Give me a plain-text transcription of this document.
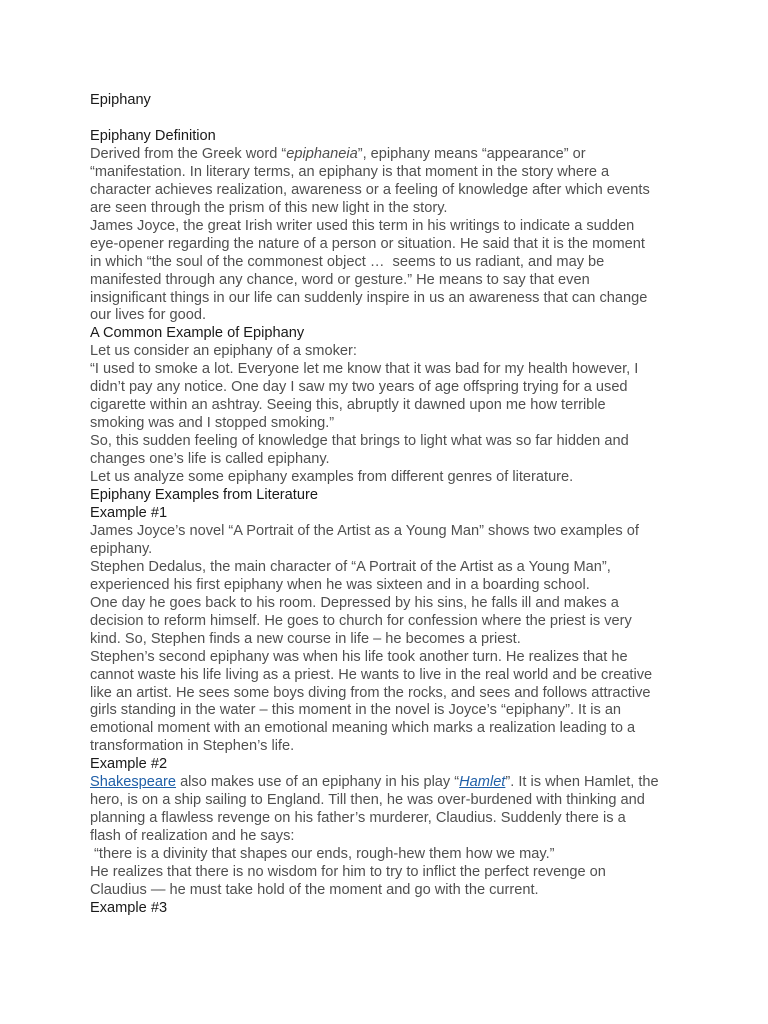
Epiphany

Epiphany Definition

Derived from the Greek word “epiphaneia”, epiphany means “appearance” or

“manifestation. In literary terms, an epiphany is that moment in the story where a

character achieves realization, awareness or a feeling of knowledge after which events

are seen through the prism of this new light in the story.

James Joyce, the great Irish writer used this term in his writings to indicate a sudden

eye-opener regarding the nature of a person or situation. He said that it is the moment

in which “the soul of the commonest object …  seems to us radiant, and may be

manifested through any chance, word or gesture.” He means to say that even

insignificant things in our life can suddenly inspire in us an awareness that can change

our lives for good.

A Common Example of Epiphany

Let us consider an epiphany of a smoker:

“I used to smoke a lot. Everyone let me know that it was bad for my health however, I

didn’t pay any notice. One day I saw my two years of age offspring trying for a used

cigarette within an ashtray. Seeing this, abruptly it dawned upon me how terrible

smoking was and I stopped smoking.”

So, this sudden feeling of knowledge that brings to light what was so far hidden and

changes one’s life is called epiphany.

Let us analyze some epiphany examples from different genres of literature.

Epiphany Examples from Literature

Example #1

James Joyce’s novel “A Portrait of the Artist as a Young Man” shows two examples of

epiphany.

Stephen Dedalus, the main character of “A Portrait of the Artist as a Young Man”,

experienced his first epiphany when he was sixteen and in a boarding school.

One day he goes back to his room. Depressed by his sins, he falls ill and makes a

decision to reform himself. He goes to church for confession where the priest is very

kind. So, Stephen finds a new course in life – he becomes a priest.

Stephen’s second epiphany was when his life took another turn. He realizes that he

cannot waste his life living as a priest. He wants to live in the real world and be creative

like an artist. He sees some boys diving from the rocks, and sees and follows attractive

girls standing in the water – this moment in the novel is Joyce’s “epiphany”. It is an

emotional moment with an emotional meaning which marks a realization leading to a

transformation in Stephen’s life.

Example #2

Shakespeare also makes use of an epiphany in his play “Hamlet”. It is when Hamlet, the

hero, is on a ship sailing to England. Till then, he was over-burdened with thinking and

planning a flawless revenge on his father’s murderer, Claudius. Suddenly there is a

flash of realization and he says:

“there is a divinity that shapes our ends, rough-hew them how we may.”

He realizes that there is no wisdom for him to try to inflict the perfect revenge on

Claudius — he must take hold of the moment and go with the current.

Example #3
